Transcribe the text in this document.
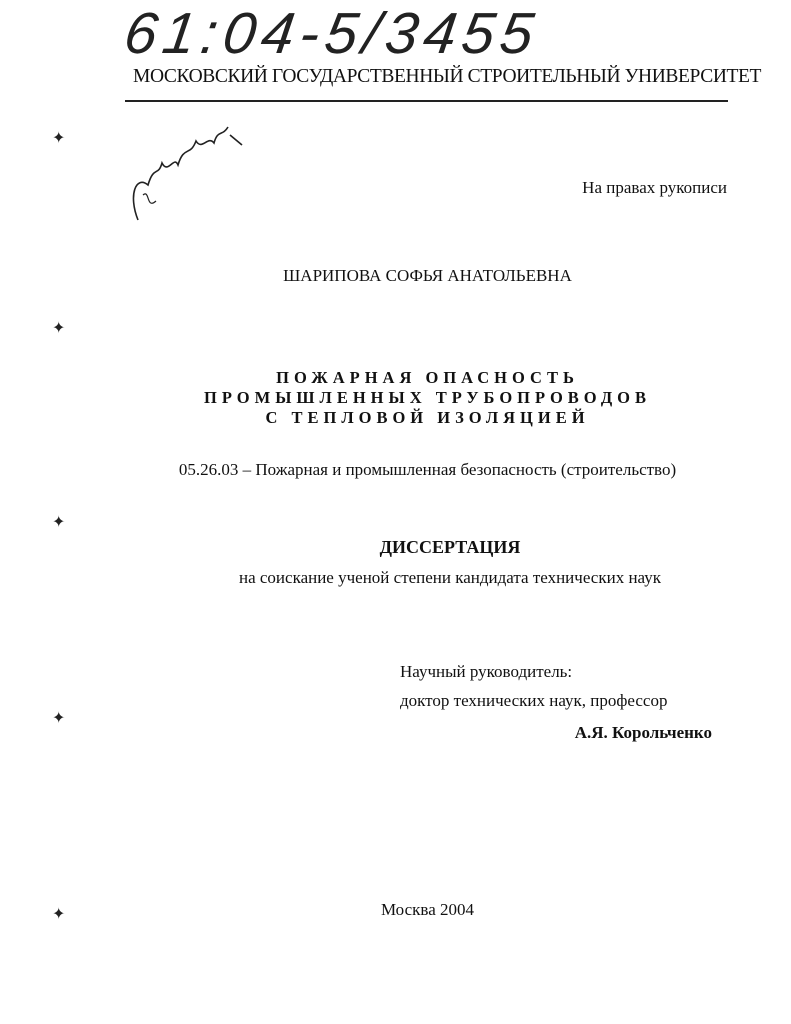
61:04-5/3455
МОСКОВСКИЙ ГОСУДАРСТВЕННЫЙ СТРОИТЕЛЬНЫЙ УНИВЕРСИТЕТ
На правах рукописи
ШАРИПОВА СОФЬЯ АНАТОЛЬЕВНА
ПОЖАРНАЯ ОПАСНОСТЬ
ПРОМЫШЛЕННЫХ ТРУБОПРОВОДОВ
С ТЕПЛОВОЙ ИЗОЛЯЦИЕЙ
05.26.03 – Пожарная и промышленная безопасность (строительство)
ДИССЕРТАЦИЯ
на соискание ученой степени кандидата технических наук
Научный руководитель:
доктор технических наук, профессор
А.Я. Корольченко
Москва 2004
✦
✦
✦
✦
✦
